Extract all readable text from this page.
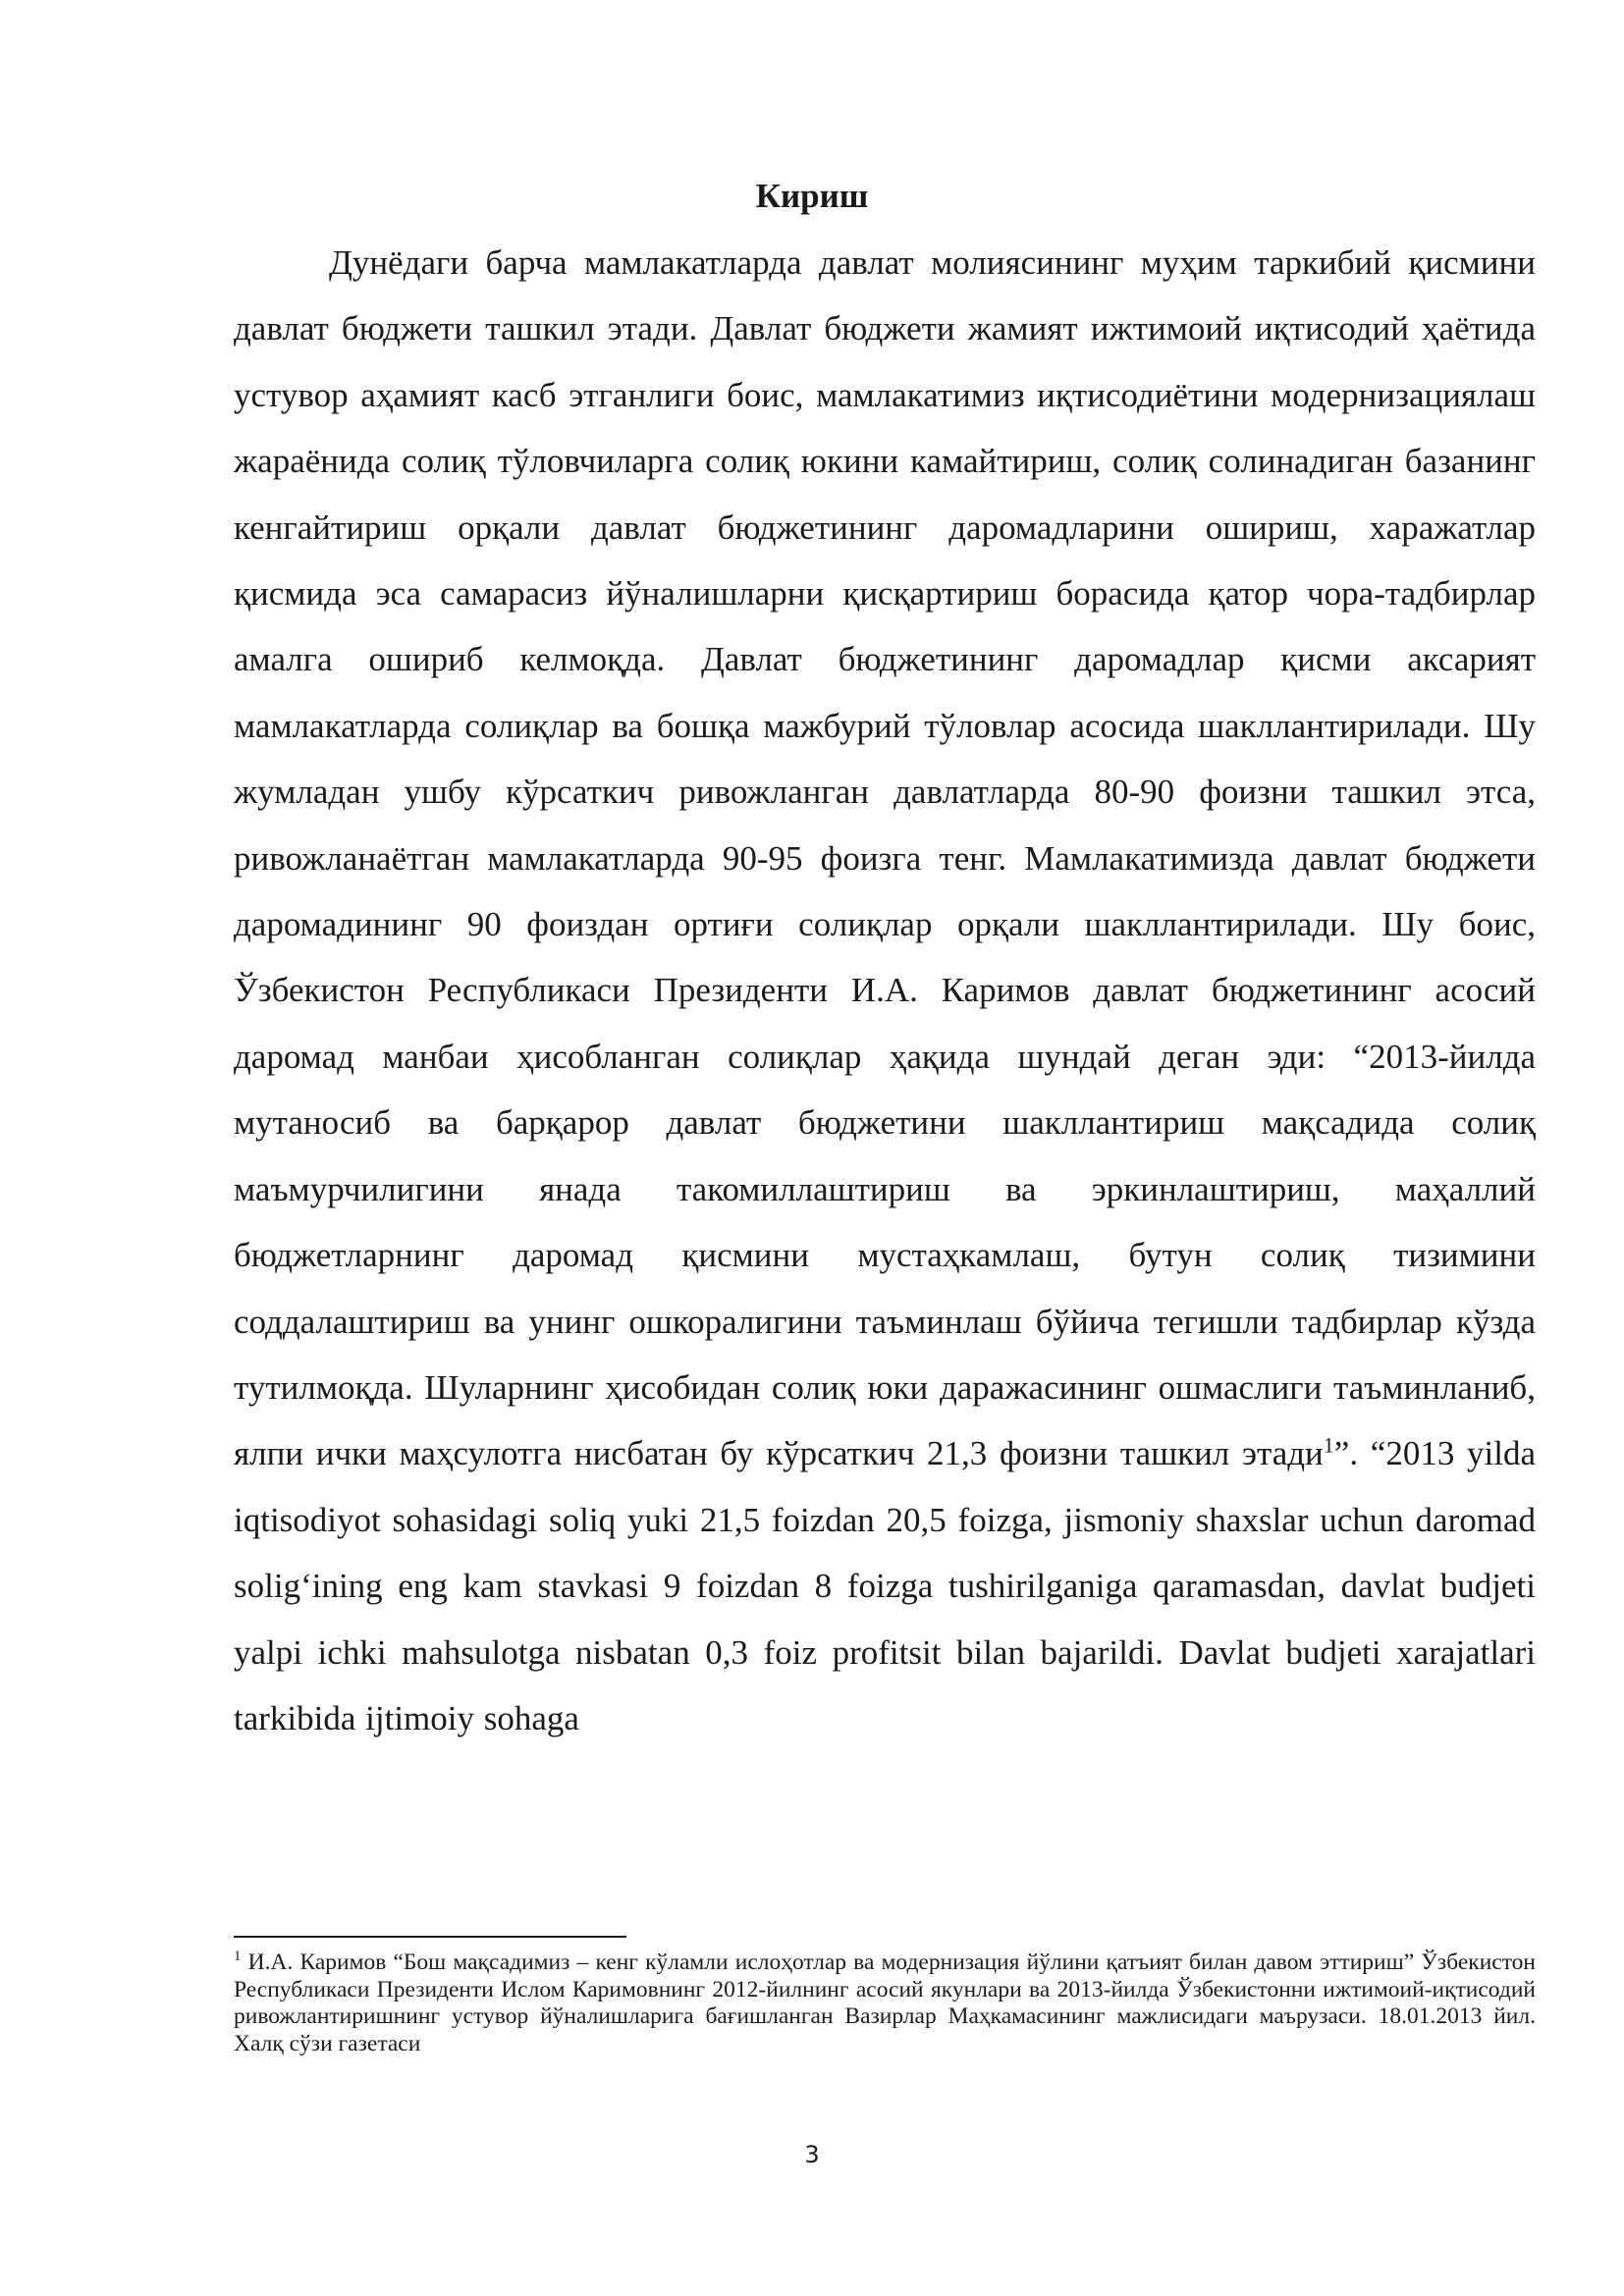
Кириш

Дунёдаги барча мамлакатларда давлат молиясининг муҳим таркибий қисмини давлат бюджети ташкил этади. Давлат бюджети жамият ижтимоий иқтисодий ҳаётида устувор аҳамият касб этганлиги боис, мамлакатимиз иқтисодиётини модернизациялаш жараёнида солиқ тўловчиларга солиқ юкини камайтириш, солиқ солинадиган базанинг кенгайтириш орқали давлат бюджетининг даромадларини ошириш, харажатлар қисмида эса самарасиз йўналишларни қисқартириш борасида қатор чора-тадбирлар амалга ошириб келмоқда. Давлат бюджетининг даромадлар қисми аксарият мамлакатларда солиқлар ва бошқа мажбурий тўловлар асосида шакллантирилади. Шу жумладан ушбу кўрсаткич ривожланган давлатларда 80-90 фоизни ташкил этса, ривожланаётган мамлакатларда 90-95 фоизга тенг. Мамлакатимизда давлат бюджети даромадининг 90 фоиздан ортиғи солиқлар орқали шакллантирилади. Шу боис, Ўзбекистон Республикаси Президенти И.А. Каримов давлат бюджетининг асосий даромад манбаи ҳисобланган солиқлар ҳақида шундай деган эди: “2013-йилда мутаносиб ва барқарор давлат бюджетини шакллантириш мақсадида солиқ маъмурчилигини янада такомиллаштириш ва эркинлаштириш, маҳаллий бюджетларнинг даромад қисмини мустаҳкамлаш, бутун солиқ тизимини соддалаштириш ва унинг ошкоралигини таъминлаш бўйича тегишли тадбирлар кўзда тутилмоқда. Шуларнинг ҳисобидан солиқ юки даражасининг ошмаслиги таъминланиб, ялпи ички маҳсулотга нисбатан бу кўрсаткич 21,3 фоизни ташкил этади$^1$”. “2013 yilda iqtisodiyot sohasidagi soliq yuki 21,5 foizdan 20,5 foizga, jismoniy shaxslar uchun daromad solig‘ining eng kam stavkasi 9 foizdan 8 foizga tushirilganiga qaramasdan, davlat budjeti yalpi ichki mahsulotga nisbatan 0,3 foiz profitsit bilan bajarildi. Davlat budjeti xarajatlari tarkibida ijtimoiy sohaga

$^1$ И.А. Каримов “Бош мақсадимиз – кенг кўламли ислоҳотлар ва модернизация йўлини қатъият билан давом эттириш” Ўзбекистон Республикаси Президенти Ислом Каримовнинг 2012-йилнинг асосий якунлари ва 2013-йилда Ўзбекистонни ижтимоий-иқтисодий ривожлантиришнинг устувор йўналишларига бағишланган Вазирлар Маҳкамасининг мажлисидаги маърузаси. 18.01.2013 йил. Халқ сўзи газетаси

3
